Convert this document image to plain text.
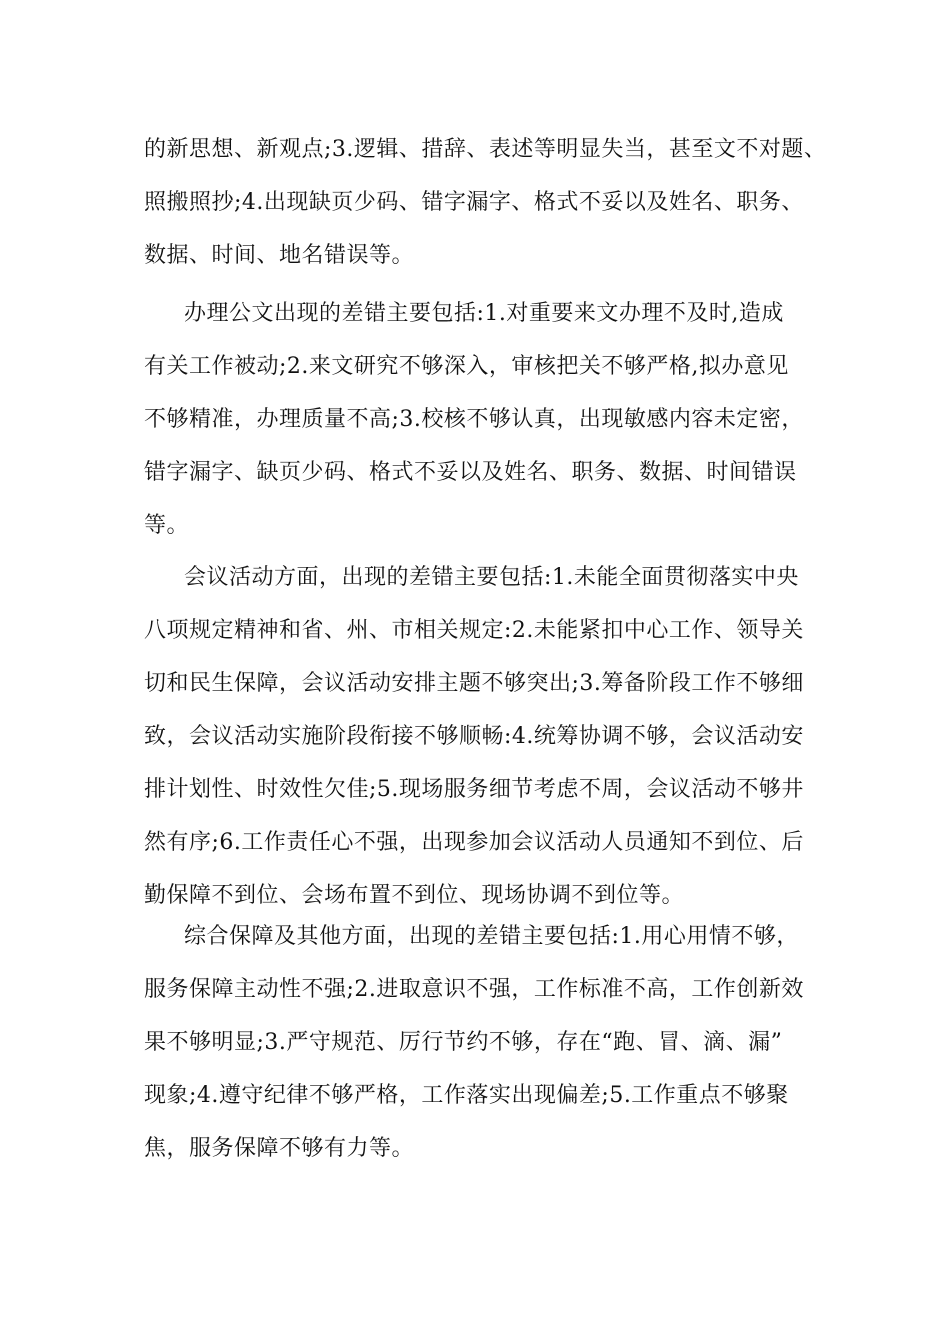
的新思想、新观点;3.逻辑、措辞、表述等明显失当，甚至文不对题、
照搬照抄;4.出现缺页少码、错字漏字、格式不妥以及姓名、职务、
数据、时间、地名错误等。
办理公文出现的差错主要包括:1.对重要来文办理不及时,造成
有关工作被动;2.来文研究不够深入，审核把关不够严格,拟办意见
不够精准，办理质量不高;3.校核不够认真，出现敏感内容未定密，
错字漏字、缺页少码、格式不妥以及姓名、职务、数据、时间错误
等。
会议活动方面，出现的差错主要包括:1.未能全面贯彻落实中央
八项规定精神和省、州、市相关规定:2.未能紧扣中心工作、领导关
切和民生保障，会议活动安排主题不够突出;3.筹备阶段工作不够细
致，会议活动实施阶段衔接不够顺畅:4.统筹协调不够，会议活动安
排计划性、时效性欠佳;5.现场服务细节考虑不周，会议活动不够井
然有序;6.工作责任心不强，出现参加会议活动人员通知不到位、后
勤保障不到位、会场布置不到位、现场协调不到位等。
综合保障及其他方面，出现的差错主要包括:1.用心用情不够，
服务保障主动性不强;2.进取意识不强，工作标准不高，工作创新效
果不够明显;3.严守规范、厉行节约不够，存在“跑、冒、滴、漏”
现象;4.遵守纪律不够严格，工作落实出现偏差;5.工作重点不够聚
焦，服务保障不够有力等。
